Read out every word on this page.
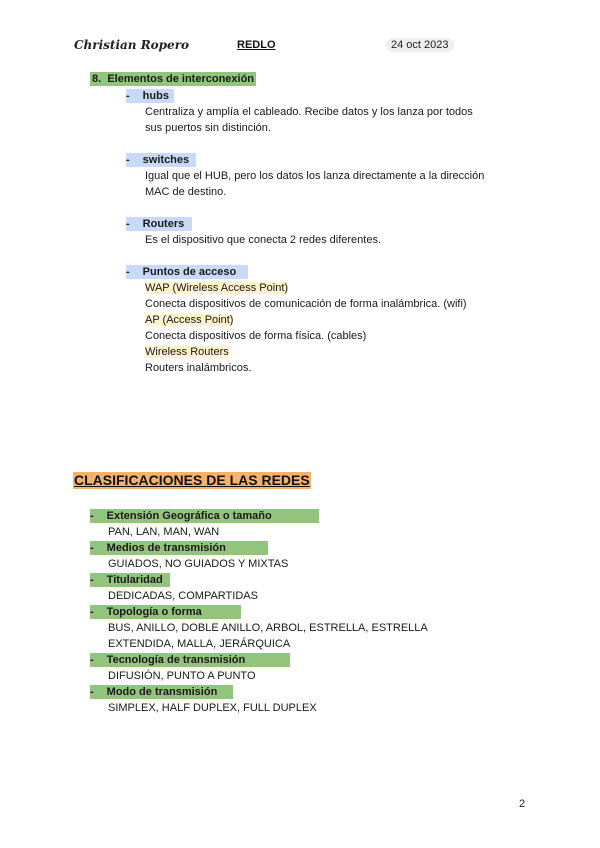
Christian Ropero	REDLO	24 oct 2023
8. Elementos de interconexión
- hubs
Centraliza y amplía el cableado. Recibe datos y los lanza por todos
sus puertos sin distinción.
- switches
Igual que el HUB, pero los datos los lanza directamente a la dirección
MAC de destino.
- Routers
Es el dispositivo que conecta 2 redes diferentes.
- Puntos de acceso
WAP (Wireless Access Point)
Conecta dispositivos de comunicación de forma inalámbrica. (wifi)
AP (Access Point)
Conecta dispositivos de forma física. (cables)
Wireless Routers
Routers inalámbricos.
CLASIFICACIONES DE LAS REDES
- Extensión Geográfica o tamaño
PAN, LAN, MAN, WAN
- Medios de transmisión
GUIADOS, NO GUIADOS Y MIXTAS
- Titularidad
DEDICADAS, COMPARTIDAS
- Topología o forma
BUS, ANILLO, DOBLE ANILLO, ARBOL, ESTRELLA, ESTRELLA
EXTENDIDA, MALLA, JERÁRQUICA
- Tecnología de transmisión
DIFUSIÓN, PUNTO A PUNTO
- Modo de transmisión
SIMPLEX, HALF DUPLEX, FULL DUPLEX
2
